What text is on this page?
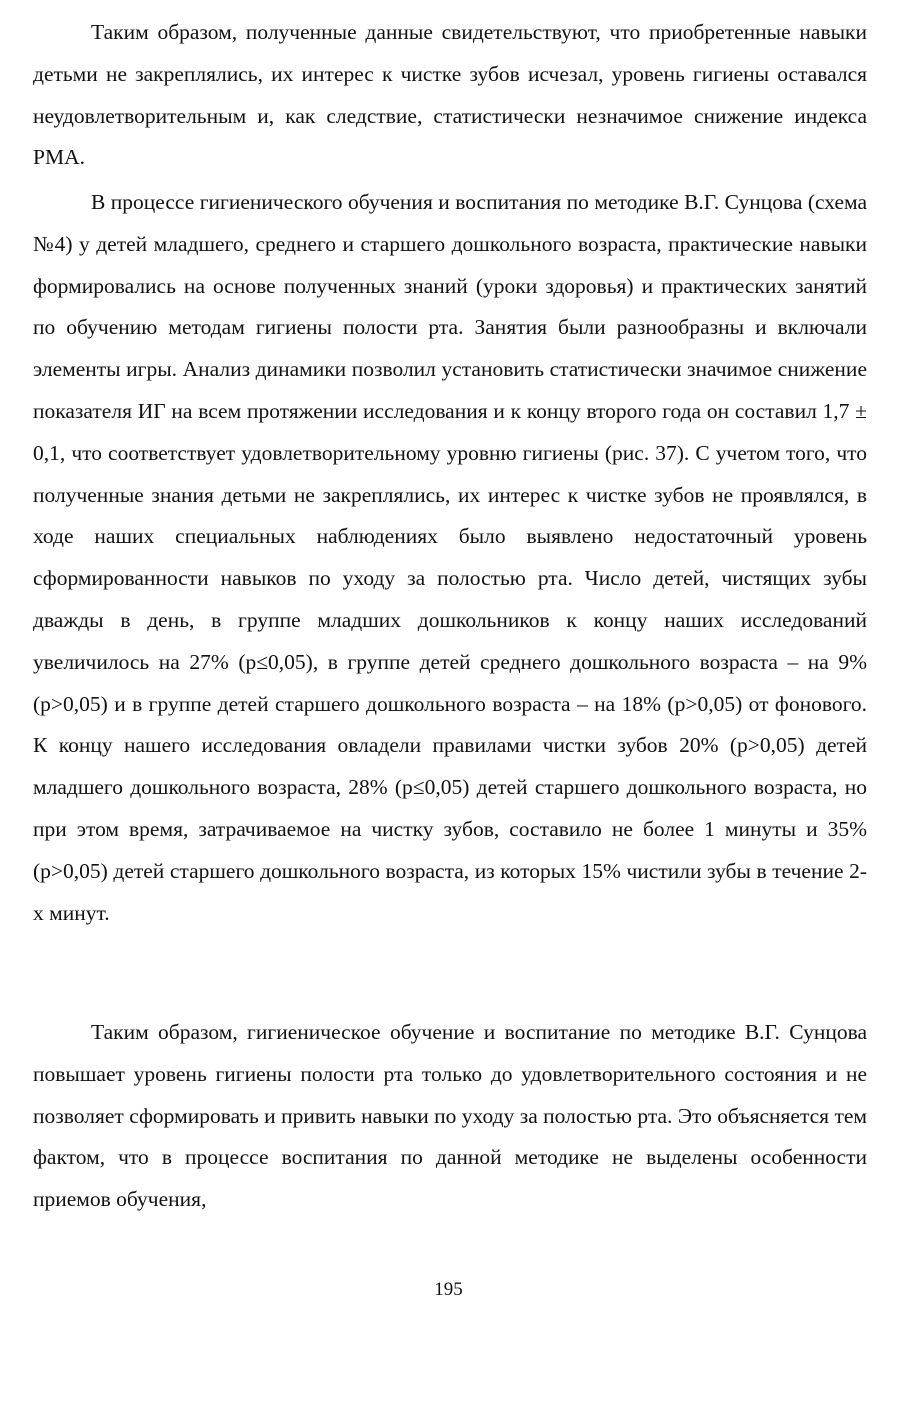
Таким образом, полученные данные свидетельствуют, что приобретенные навыки детьми не закреплялись, их интерес к чистке зубов исчезал, уровень гигиены оставался неудовлетворительным и, как следствие, статистически незначимое снижение индекса РМА.

В процессе гигиенического обучения и воспитания по методике В.Г. Сунцова (схема №4) у детей младшего, среднего и старшего дошкольного возраста, практические навыки формировались на основе полученных знаний (уроки здоровья) и практических занятий по обучению методам гигиены полости рта. Занятия были разнообразны и включали элементы игры. Анализ динамики позволил установить статистически значимое снижение показателя ИГ на всем протяжении исследования и к концу второго года он составил 1,7 ± 0,1, что соответствует удовлетворительному уровню гигиены (рис. 37). С учетом того, что полученные знания детьми не закреплялись, их интерес к чистке зубов не проявлялся, в ходе наших специальных наблюдениях было выявлено недостаточный уровень сформированности навыков по уходу за полостью рта. Число детей, чистящих зубы дважды в день, в группе младших дошкольников к концу наших исследований увеличилось на 27% (p≤0,05), в группе детей среднего дошкольного возраста – на 9% (p>0,05) и в группе детей старшего дошкольного возраста – на 18% (p>0,05) от фонового. К концу нашего исследования овладели правилами чистки зубов 20% (p>0,05) детей младшего дошкольного возраста, 28% (p≤0,05) детей старшего дошкольного возраста, но при этом время, затрачиваемое на чистку зубов, составило не более 1 минуты и 35% (p>0,05) детей старшего дошкольного возраста, из которых 15% чистили зубы в течение 2-х минут.

Таким образом, гигиеническое обучение и воспитание по методике В.Г. Сунцова повышает уровень гигиены полости рта только до удовлетворительного состояния и не позволяет сформировать и привить навыки по уходу за полостью рта. Это объясняется тем фактом, что в процессе воспитания по данной методике не выделены особенности приемов обучения,

195
